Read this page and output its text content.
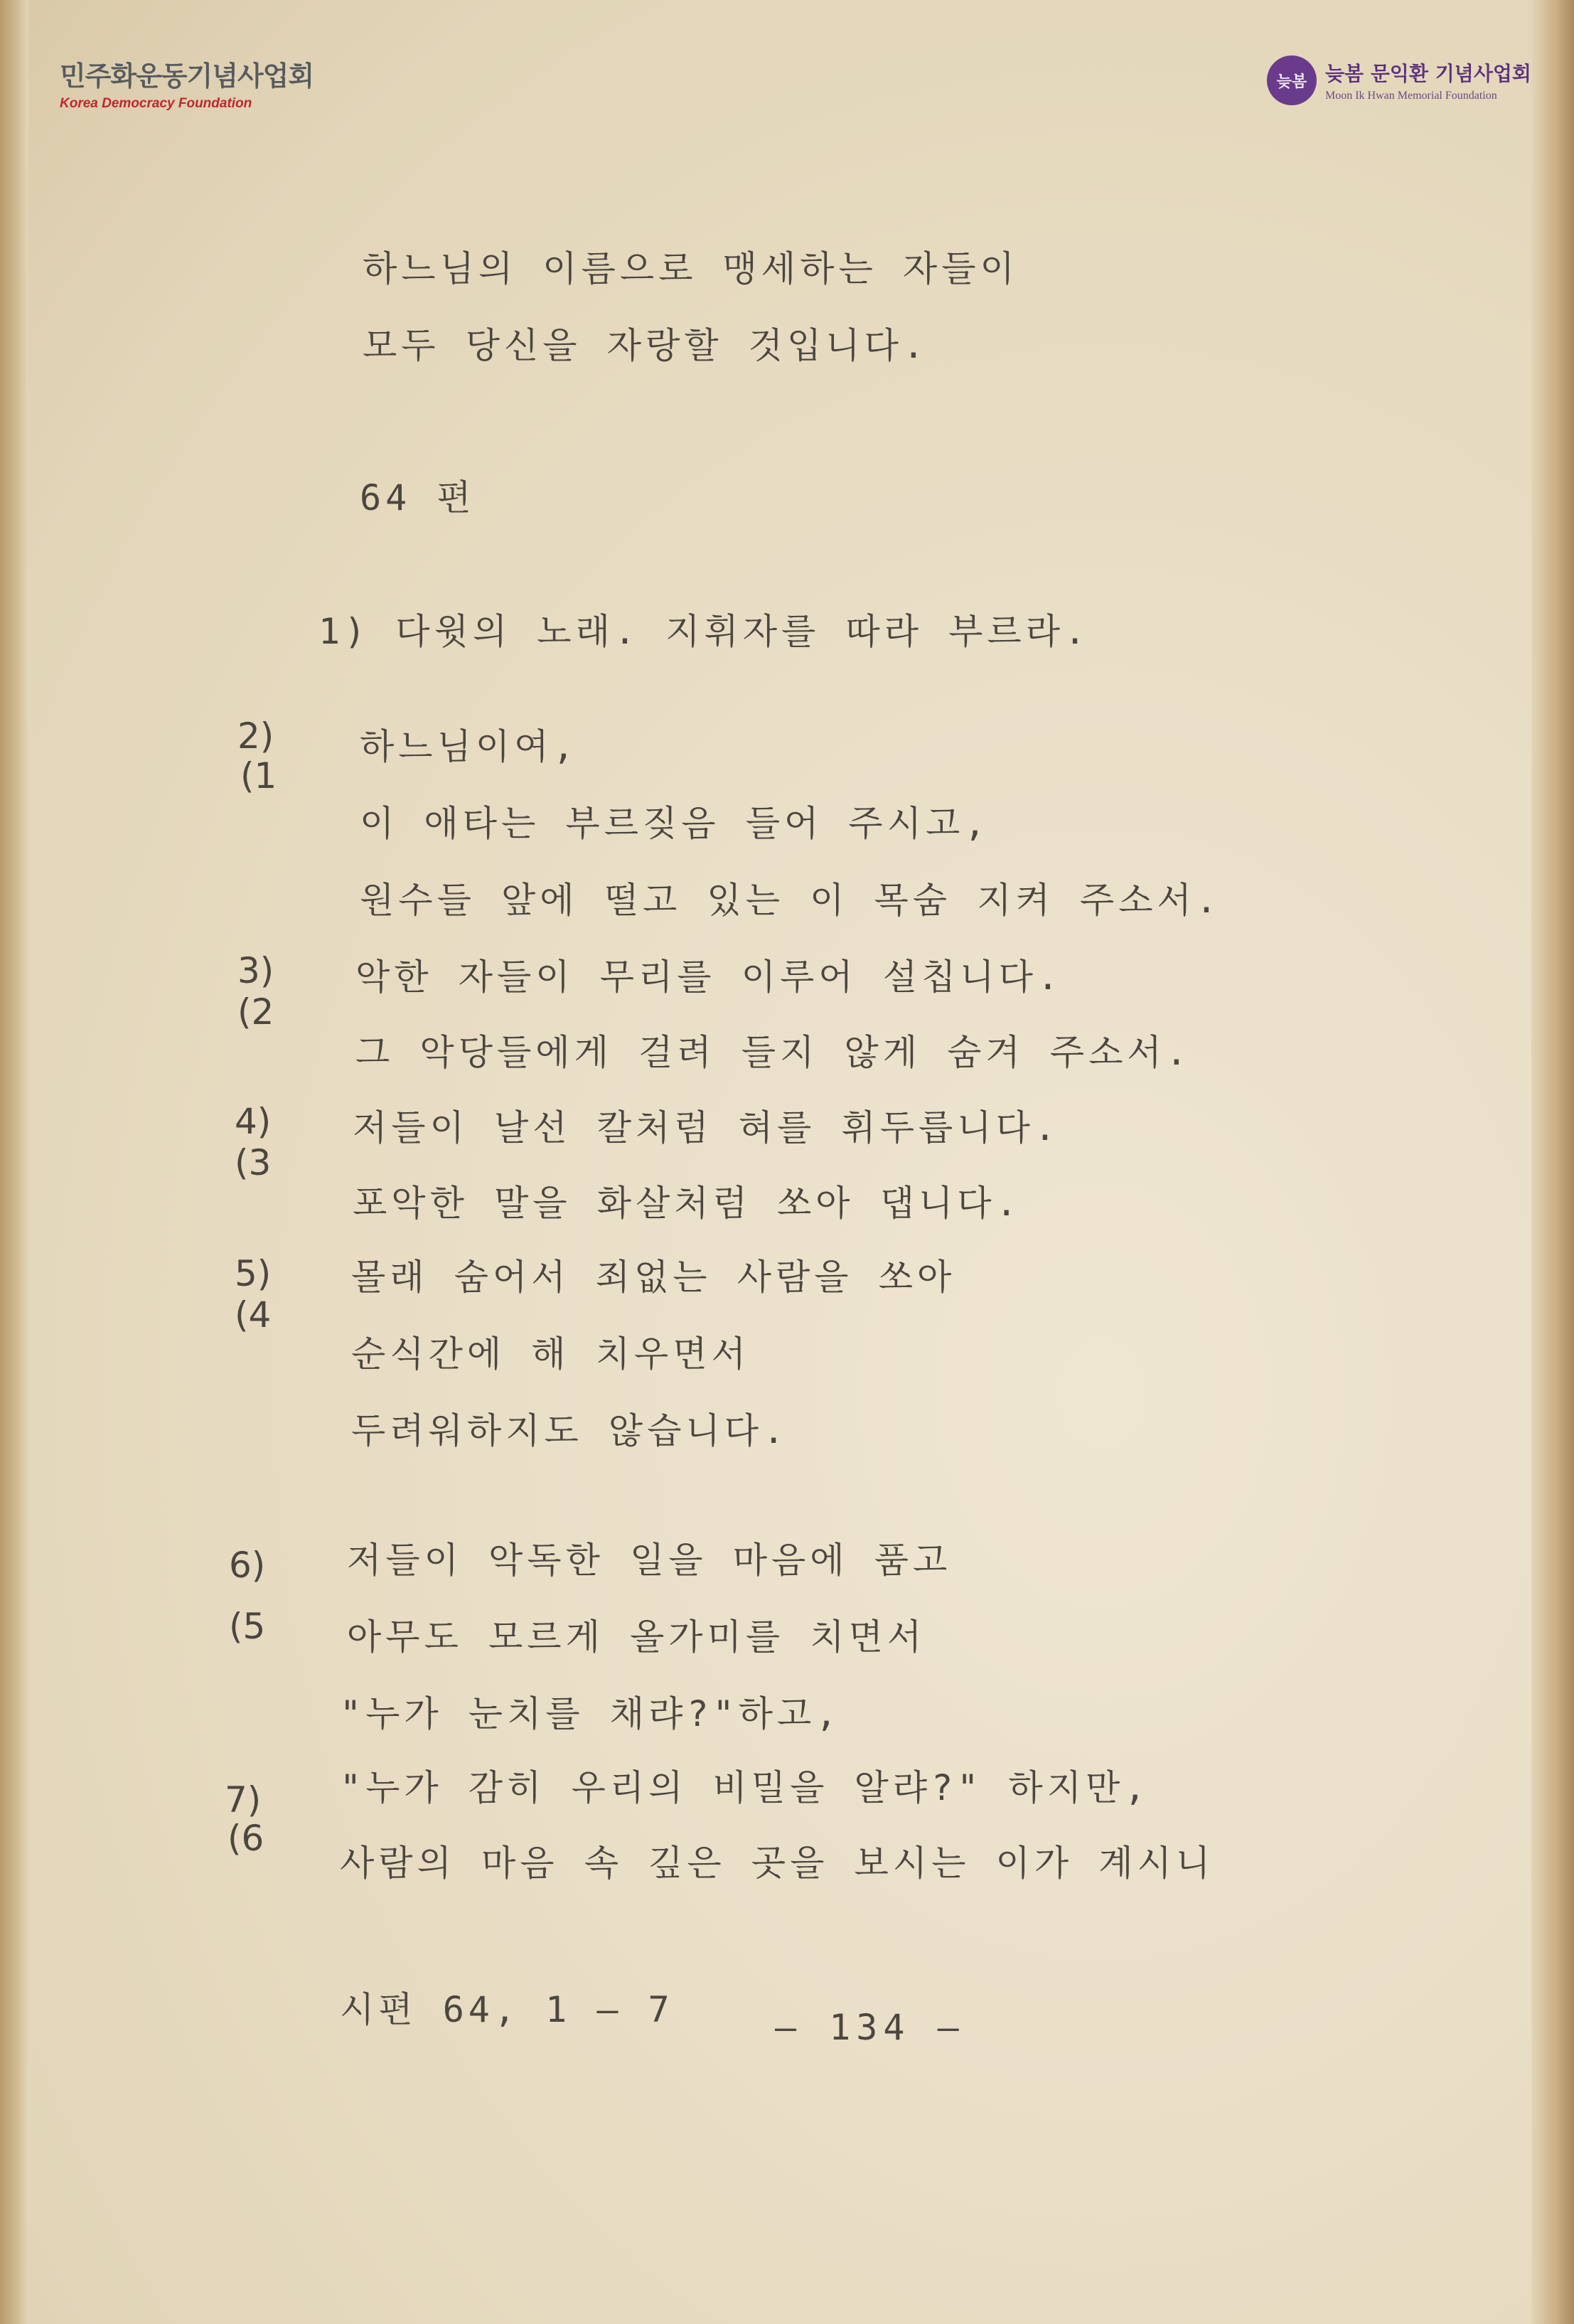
민주화운동기념사업회
Korea Democracy Foundation
늦봄 늦봄 문익환 기념사업회
Moon Ik Hwan Memorial Foundation
하느님의 이름으로 맹세하는 자들이
모두 당신을 자랑할 것입니다.
64 편
1) 다윗의 노래. 지휘자를 따라 부르라.
2)
(1
하느님이여,
이 애타는 부르짖음 들어 주시고,
원수들 앞에 떨고 있는 이 목숨 지켜 주소서.
3)
(2
악한 자들이 무리를 이루어 설칩니다.
그 악당들에게 걸려 들지 않게 숨겨 주소서.
4)
(3
저들이 날선 칼처럼 혀를 휘두릅니다.
포악한 말을 화살처럼 쏘아 댑니다.
5)
(4
몰래 숨어서 죄없는 사람을 쏘아
순식간에 해 치우면서
두려워하지도 않습니다.
6)
(5
저들이 악독한 일을 마음에 품고
아무도 모르게 올가미를 치면서
"누가 눈치를 채랴?"하고,
7)
(6
"누가 감히 우리의 비밀을 알랴?" 하지만,
사람의 마음 속 깊은 곳을 보시는 이가 계시니
시편 64, 1 — 7	— 134 —
